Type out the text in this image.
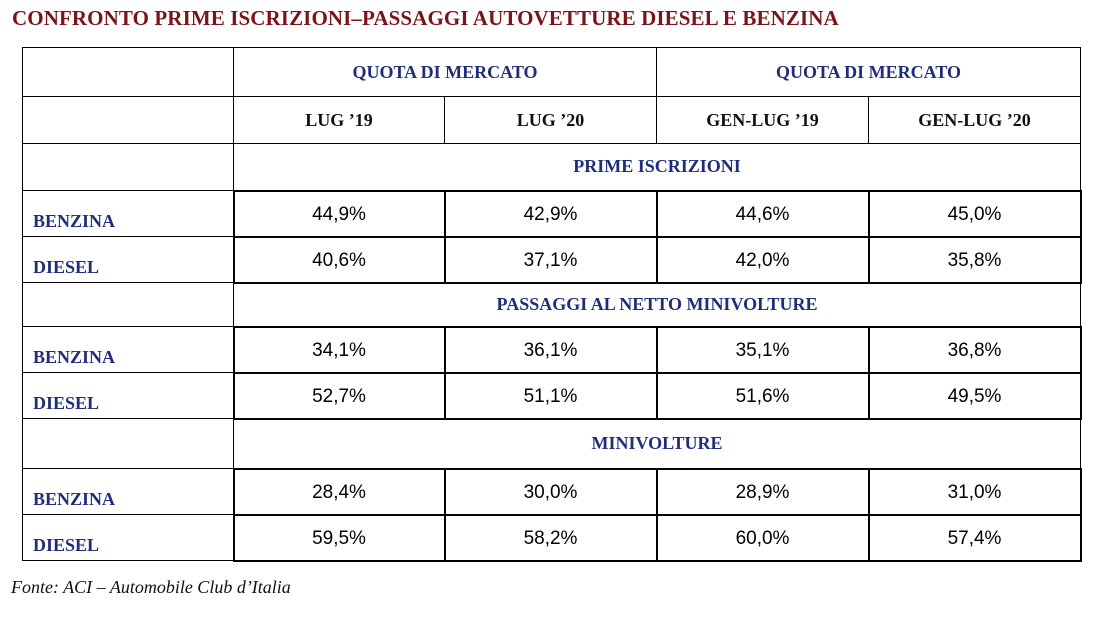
CONFRONTO PRIME ISCRIZIONI–PASSAGGI AUTOVETTURE DIESEL E BENZINA
	QUOTA DI MERCATO		QUOTA DI MERCATO	
	LUG ’19	LUG ’20	GEN-LUG ’19	GEN-LUG ’20
	PRIME ISCRIZIONI			
BENZINA	44,9%	42,9%	44,6%	45,0%
DIESEL	40,6%	37,1%	42,0%	35,8%
	PASSAGGI AL NETTO MINIVOLTURE			
BENZINA	34,1%	36,1%	35,1%	36,8%
DIESEL	52,7%	51,1%	51,6%	49,5%
	MINIVOLTURE			
BENZINA	28,4%	30,0%	28,9%	31,0%
DIESEL	59,5%	58,2%	60,0%	57,4%
Fonte: ACI – Automobile Club d’Italia
